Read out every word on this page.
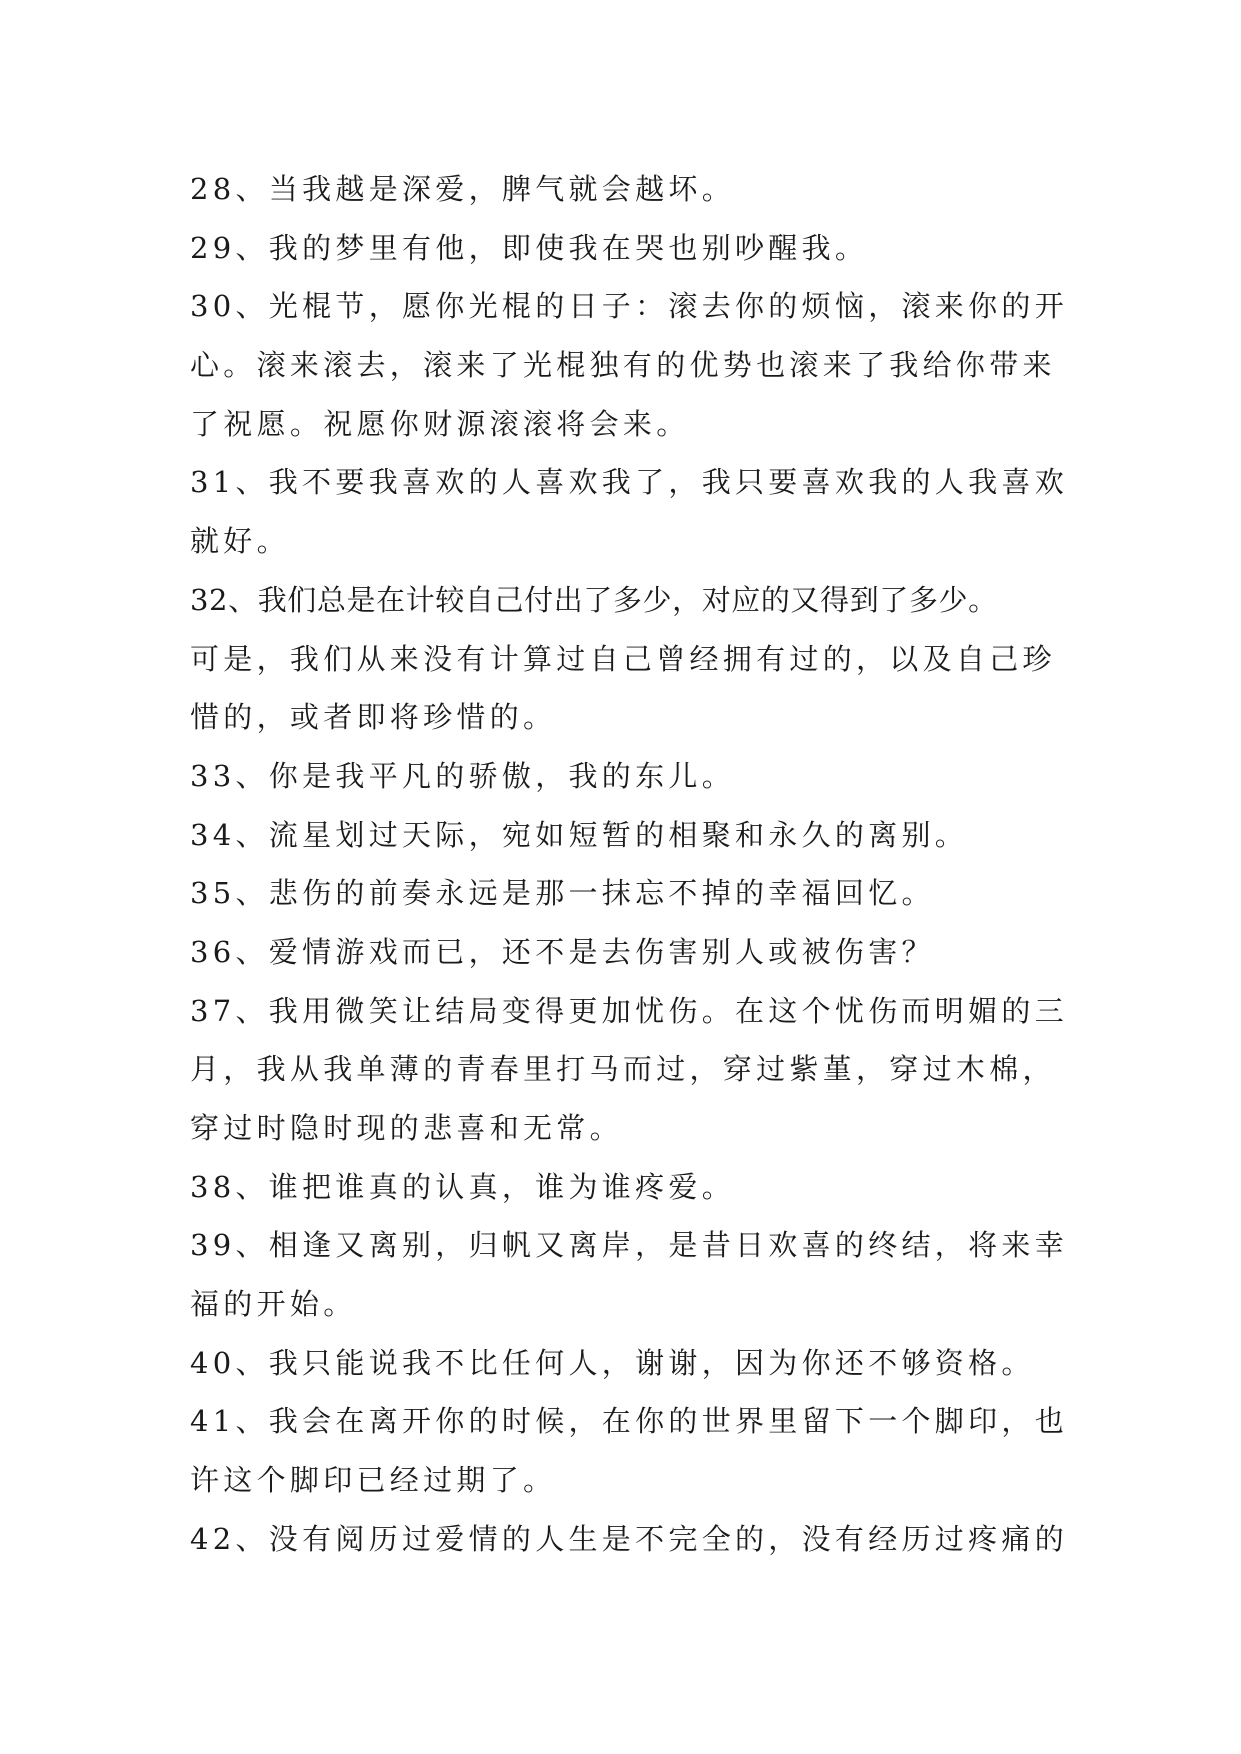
28、当我越是深爱，脾气就会越坏。
29、我的梦里有他，即使我在哭也别吵醒我。
30、光棍节，愿你光棍的日子：滚去你的烦恼，滚来你的开
心。滚来滚去，滚来了光棍独有的优势也滚来了我给你带来
了祝愿。祝愿你财源滚滚将会来。
31、我不要我喜欢的人喜欢我了，我只要喜欢我的人我喜欢
就好。
32、我们总是在计较自己付出了多少，对应的又得到了多少。
可是，我们从来没有计算过自己曾经拥有过的，以及自己珍
惜的，或者即将珍惜的。
33、你是我平凡的骄傲，我的东儿。
34、流星划过天际，宛如短暂的相聚和永久的离别。
35、悲伤的前奏永远是那一抹忘不掉的幸福回忆。
36、爱情游戏而已，还不是去伤害别人或被伤害？
37、我用微笑让结局变得更加忧伤。在这个忧伤而明媚的三
月，我从我单薄的青春里打马而过，穿过紫堇，穿过木棉，
穿过时隐时现的悲喜和无常。
38、谁把谁真的认真，谁为谁疼爱。
39、相逢又离别，归帆又离岸，是昔日欢喜的终结，将来幸
福的开始。
40、我只能说我不比任何人，谢谢，因为你还不够资格。
41、我会在离开你的时候，在你的世界里留下一个脚印，也
许这个脚印已经过期了。
42、没有阅历过爱情的人生是不完全的，没有经历过疼痛的
